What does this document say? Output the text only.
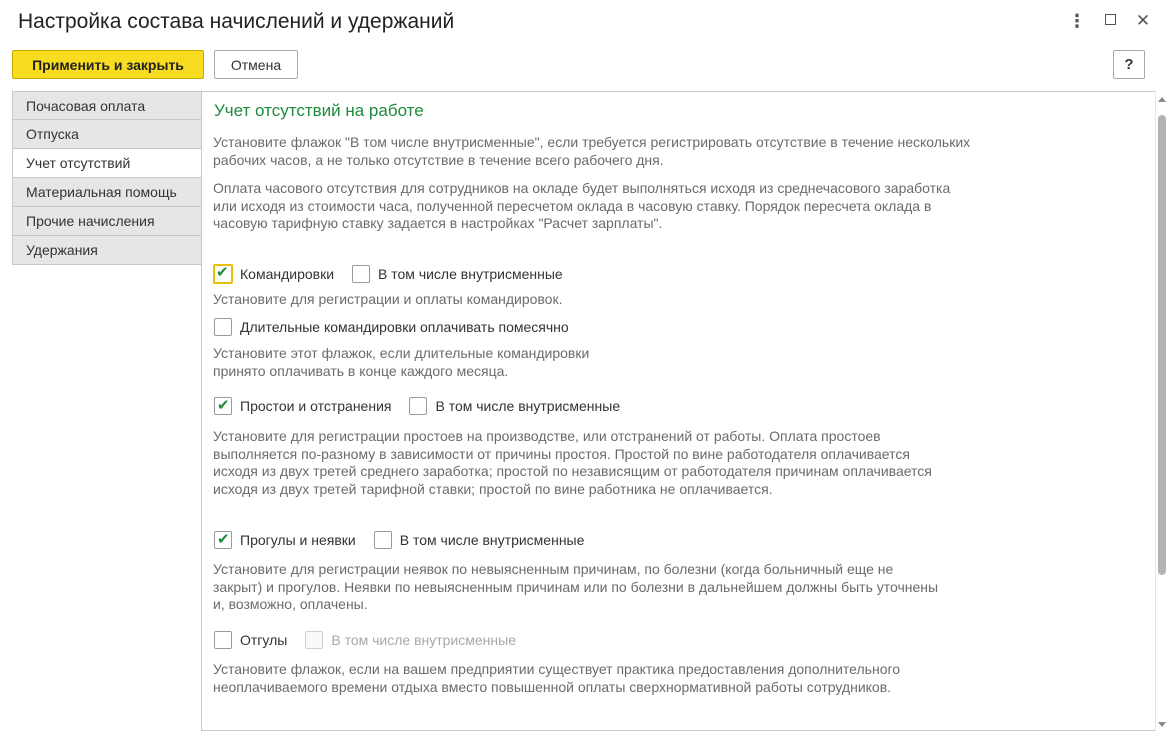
Настройка состава начислений и удержаний	⋮	✕
Применить и закрыть	Отмена	?
Почасовая оплата
Отпуска
Учет отсутствий
Материальная помощь
Прочие начисления
Удержания
Учет отсутствий на работе
Установите флажок "В том числе внутрисменные", если требуется регистрировать отсутствие в течение нескольких рабочих часов, а не только отсутствие в течение всего рабочего дня.
Оплата часового отсутствия для сотрудников на окладе будет выполняться исходя из среднечасового заработка или исходя из стоимости часа, полученной пересчетом оклада в часовую ставку. Порядок пересчета оклада в часовую тарифную ставку задается в настройках "Расчет зарплаты".
✔ Командировки	В том числе внутрисменные
Установите для регистрации и оплаты командировок.
Длительные командировки оплачивать помесячно
Установите этот флажок, если длительные командировки принято оплачивать в конце каждого месяца.
✔ Простои и отстранения	В том числе внутрисменные
Установите для регистрации простоев на производстве, или отстранений от работы. Оплата простоев выполняется по-разному в зависимости от причины простоя. Простой по вине работодателя оплачивается исходя из двух третей среднего заработка; простой по независящим от работодателя причинам оплачивается исходя из двух третей тарифной ставки; простой по вине работника не оплачивается.
✔ Прогулы и неявки	В том числе внутрисменные
Установите для регистрации неявок по невыясненным причинам, по болезни (когда больничный еще не закрыт) и прогулов. Неявки по невыясненным причинам или по болезни в дальнейшем должны быть уточнены и, возможно, оплачены.
Отгулы	В том числе внутрисменные
Установите флажок, если на вашем предприятии существует практика предоставления дополнительного неоплачиваемого времени отдыха вместо повышенной оплаты сверхнормативной работы сотрудников.
